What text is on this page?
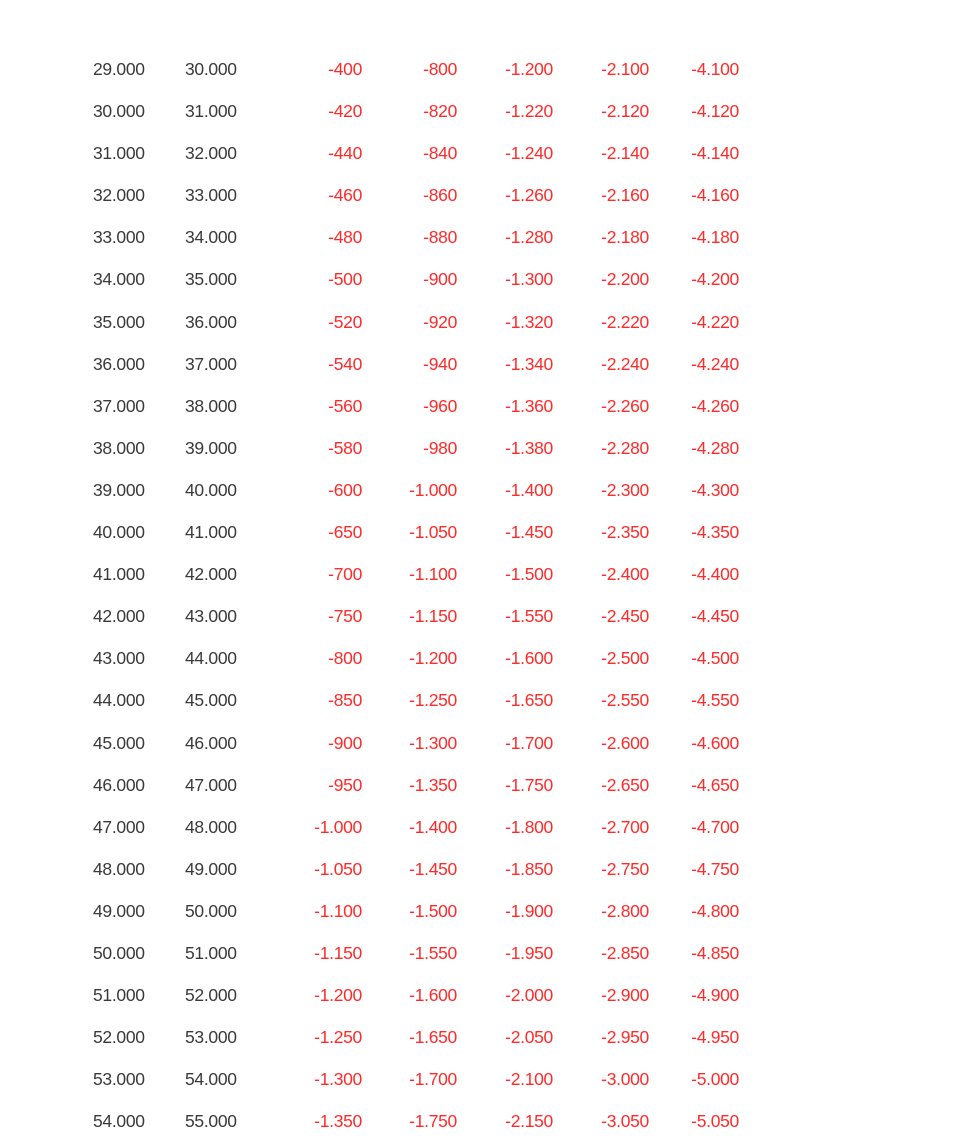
29.000 30.000	-400	-800	-1.200	-2.100 -4.100
30.000 31.000	-420	-820	-1.220	-2.120 -4.120
31.000 32.000	-440	-840	-1.240	-2.140 -4.140
32.000 33.000	-460	-860	-1.260	-2.160 -4.160
33.000 34.000	-480	-880	-1.280	-2.180 -4.180
34.000 35.000	-500	-900	-1.300	-2.200 -4.200
35.000 36.000	-520	-920	-1.320	-2.220 -4.220
36.000 37.000	-540	-940	-1.340	-2.240 -4.240
37.000 38.000	-560	-960	-1.360	-2.260 -4.260
38.000 39.000	-580	-980	-1.380	-2.280 -4.280
39.000 40.000	-600	-1.000	-1.400	-2.300 -4.300
40.000 41.000	-650	-1.050	-1.450	-2.350 -4.350
41.000 42.000	-700	-1.100	-1.500	-2.400 -4.400
42.000 43.000	-750	-1.150	-1.550	-2.450 -4.450
43.000 44.000	-800	-1.200	-1.600	-2.500 -4.500
44.000 45.000	-850	-1.250	-1.650	-2.550 -4.550
45.000 46.000	-900	-1.300	-1.700	-2.600 -4.600
46.000 47.000	-950	-1.350	-1.750	-2.650 -4.650
47.000 48.000	-1.000	-1.400	-1.800	-2.700 -4.700
48.000 49.000	-1.050	-1.450	-1.850	-2.750 -4.750
49.000 50.000	-1.100	-1.500	-1.900	-2.800 -4.800
50.000 51.000	-1.150	-1.550	-1.950	-2.850 -4.850
51.000 52.000	-1.200	-1.600	-2.000	-2.900 -4.900
52.000 53.000	-1.250	-1.650	-2.050	-2.950 -4.950
53.000 54.000	-1.300	-1.700	-2.100	-3.000 -5.000
54.000 55.000	-1.350	-1.750	-2.150	-3.050 -5.050
